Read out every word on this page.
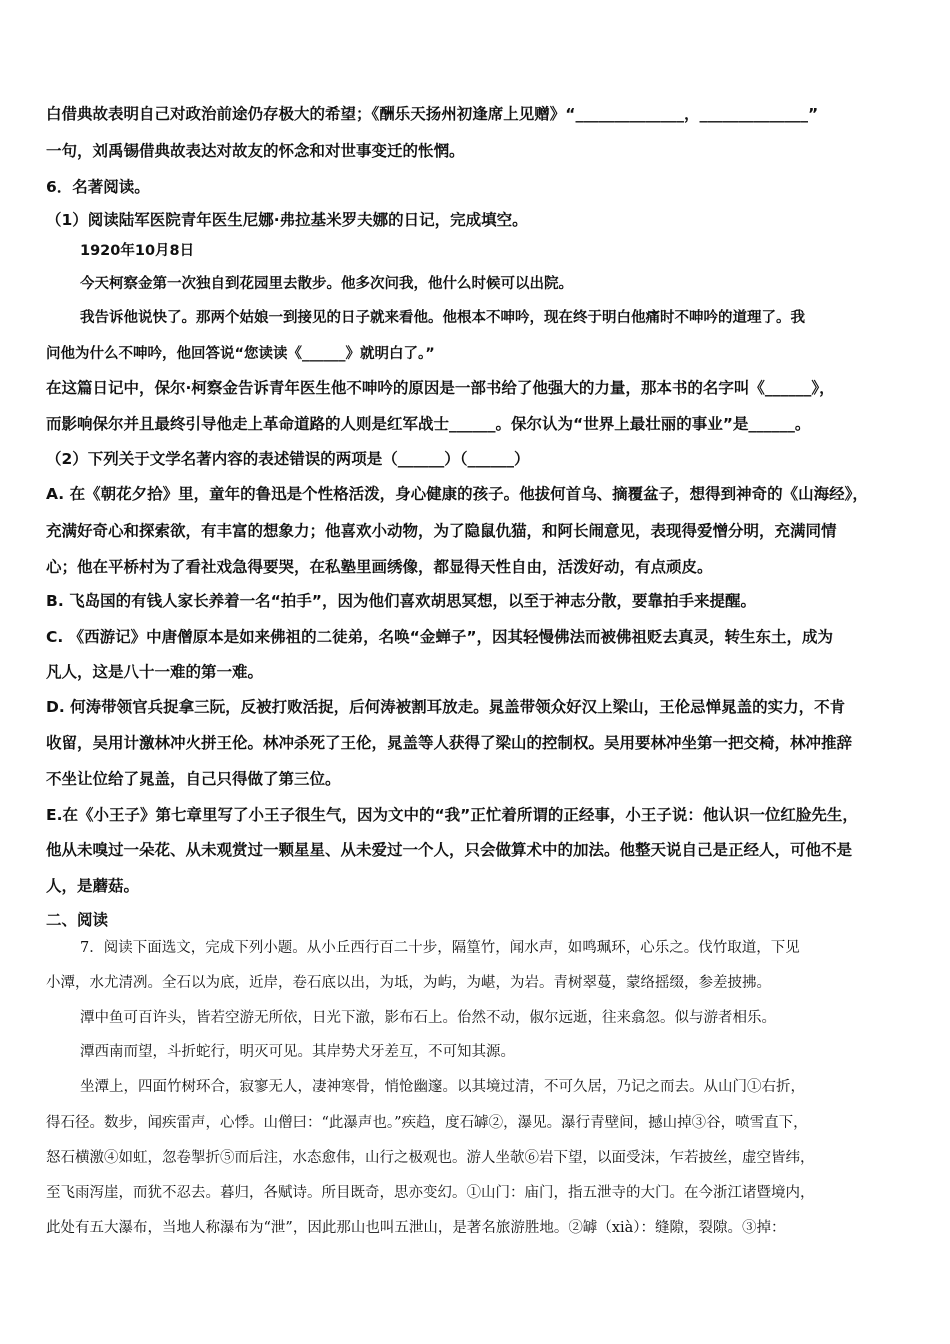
白借典故表明自己对政治前途仍存极大的希望；《酬乐天扬州初逢席上见赠》“______________，______________”
一句，刘禹锡借典故表达对故友的怀念和对世事变迁的怅惘。
6．名著阅读。
（1）阅读陆军医院青年医生尼娜·弗拉基米罗夫娜的日记，完成填空。
1920年10月8日
今天柯察金第一次独自到花园里去散步。他多次问我，他什么时候可以出院。
我告诉他说快了。那两个姑娘一到接见的日子就来看他。他根本不呻吟，现在终于明白他痛时不呻吟的道理了。我
问他为什么不呻吟，他回答说“您读读《______》就明白了。”
在这篇日记中，保尔·柯察金告诉青年医生他不呻吟的原因是一部书给了他强大的力量，那本书的名字叫《______》，
而影响保尔并且最终引导他走上革命道路的人则是红军战士______。保尔认为“世界上最壮丽的事业”是______。
（2）下列关于文学名著内容的表述错误的两项是（______）（______）
A. 在《朝花夕拾》里，童年的鲁迅是个性格活泼，身心健康的孩子。他拔何首乌、摘覆盆子，想得到神奇的《山海经》，
充满好奇心和探索欲，有丰富的想象力；他喜欢小动物，为了隐鼠仇猫，和阿长闹意见，表现得爱憎分明，充满同情
心；他在平桥村为了看社戏急得要哭，在私塾里画绣像，都显得天性自由，活泼好动，有点顽皮。
B. 飞岛国的有钱人家长养着一名“拍手”，因为他们喜欢胡思冥想，以至于神志分散，要靠拍手来提醒。
C. 《西游记》中唐僧原本是如来佛祖的二徒弟，名唤“金蝉子”，因其轻慢佛法而被佛祖贬去真灵，转生东土，成为
凡人，这是八十一难的第一难。
D. 何涛带领官兵捉拿三阮，反被打败活捉，后何涛被割耳放走。晁盖带领众好汉上梁山，王伦忌惮晁盖的实力，不肯
收留，吴用计激林冲火拼王伦。林冲杀死了王伦，晁盖等人获得了梁山的控制权。吴用要林冲坐第一把交椅，林冲推辞
不坐让位给了晁盖，自己只得做了第三位。
E.在《小王子》第七章里写了小王子很生气，因为文中的“我”正忙着所谓的正经事，小王子说：他认识一位红脸先生，
他从未嗅过一朵花、从未观赏过一颗星星、从未爱过一个人，只会做算术中的加法。他整天说自己是正经人，可他不是
人，是蘑菇。
二、阅读
7．阅读下面选文，完成下列小题。从小丘西行百二十步，隔篁竹，闻水声，如鸣珮环，心乐之。伐竹取道，下见
小潭，水尤清冽。全石以为底，近岸，卷石底以出，为坻，为屿，为嵁，为岩。青树翠蔓，蒙络摇缀，参差披拂。
潭中鱼可百许头，皆若空游无所依，日光下澈，影布石上。佁然不动，俶尔远逝，往来翕忽。似与游者相乐。
潭西南而望，斗折蛇行，明灭可见。其岸势犬牙差互，不可知其源。
坐潭上，四面竹树环合，寂寥无人，凄神寒骨，悄怆幽邃。以其境过清，不可久居，乃记之而去。从山门①右折，
得石径。数步，闻疾雷声，心悸。山僧曰：“此瀑声也。”疾趋，度石罅②，瀑见。瀑行青壁间，撼山掉③谷，喷雪直下，
怒石横激④如虹，忽卷掣折⑤而后注，水态愈伟，山行之极观也。游人坐欹⑥岩下望，以面受沫，乍若披丝，虚空皆纬，
至飞雨泻崖，而犹不忍去。暮归，各赋诗。所目既奇，思亦变幻。①山门：庙门，指五泄寺的大门。在今浙江诸暨境内，
此处有五大瀑布，当地人称瀑布为“泄”，因此那山也叫五泄山，是著名旅游胜地。②罅（xià）：缝隙，裂隙。③掉：
